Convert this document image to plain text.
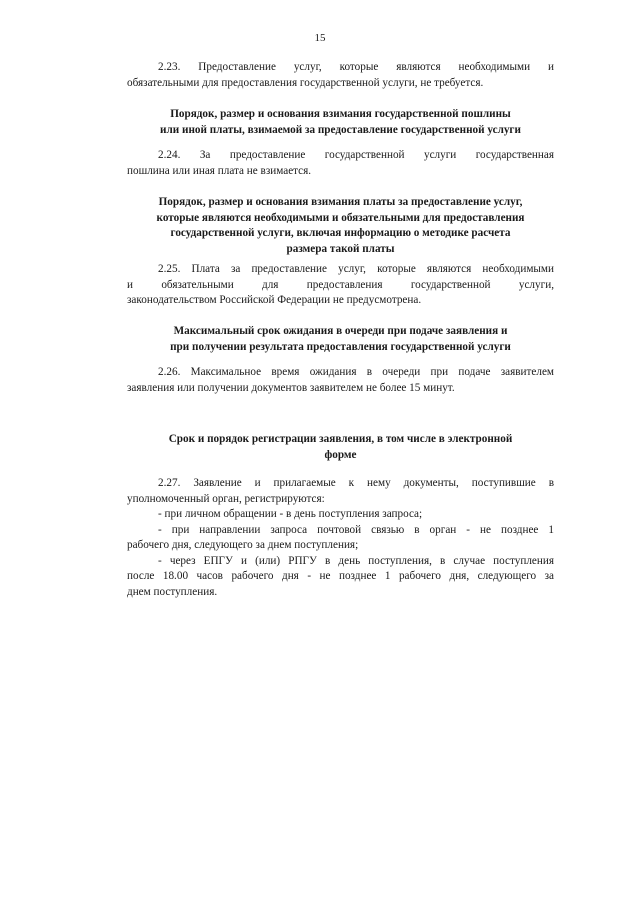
15

2.23. Предоставление услуг, которые являются необходимыми и

обязательными для предоставления государственной услуги, не требуется.

Порядок, размер и основания взимания государственной пошлины

или иной платы, взимаемой за предоставление государственной услуги

2.24. За предоставление государственной услуги государственная

пошлина или иная плата не взимается.

Порядок, размер и основания взимания платы за предоставление услуг,

которые являются необходимыми и обязательными для предоставления

государственной услуги, включая информацию о методике расчета

размера такой платы

2.25. Плата за предоставление услуг, которые являются необходимыми

и обязательными для предоставления государственной услуги,

законодательством Российской Федерации не предусмотрена.

Максимальный срок ожидания в очереди при подаче заявления и

при получении результата предоставления государственной услуги

2.26. Максимальное время ожидания в очереди при подаче заявителем

заявления или получении документов заявителем не более 15 минут.

Срок и порядок регистрации заявления, в том числе в электронной

форме

2.27. Заявление и прилагаемые к нему документы, поступившие в

уполномоченный орган, регистрируются:

- при личном обращении - в день поступления запроса;

- при направлении запроса почтовой связью в орган - не позднее 1

рабочего дня, следующего за днем поступления;

- через ЕПГУ и (или) РПГУ в день поступления, в случае поступления

после 18.00 часов рабочего дня - не позднее 1 рабочего дня, следующего за

днем поступления.
